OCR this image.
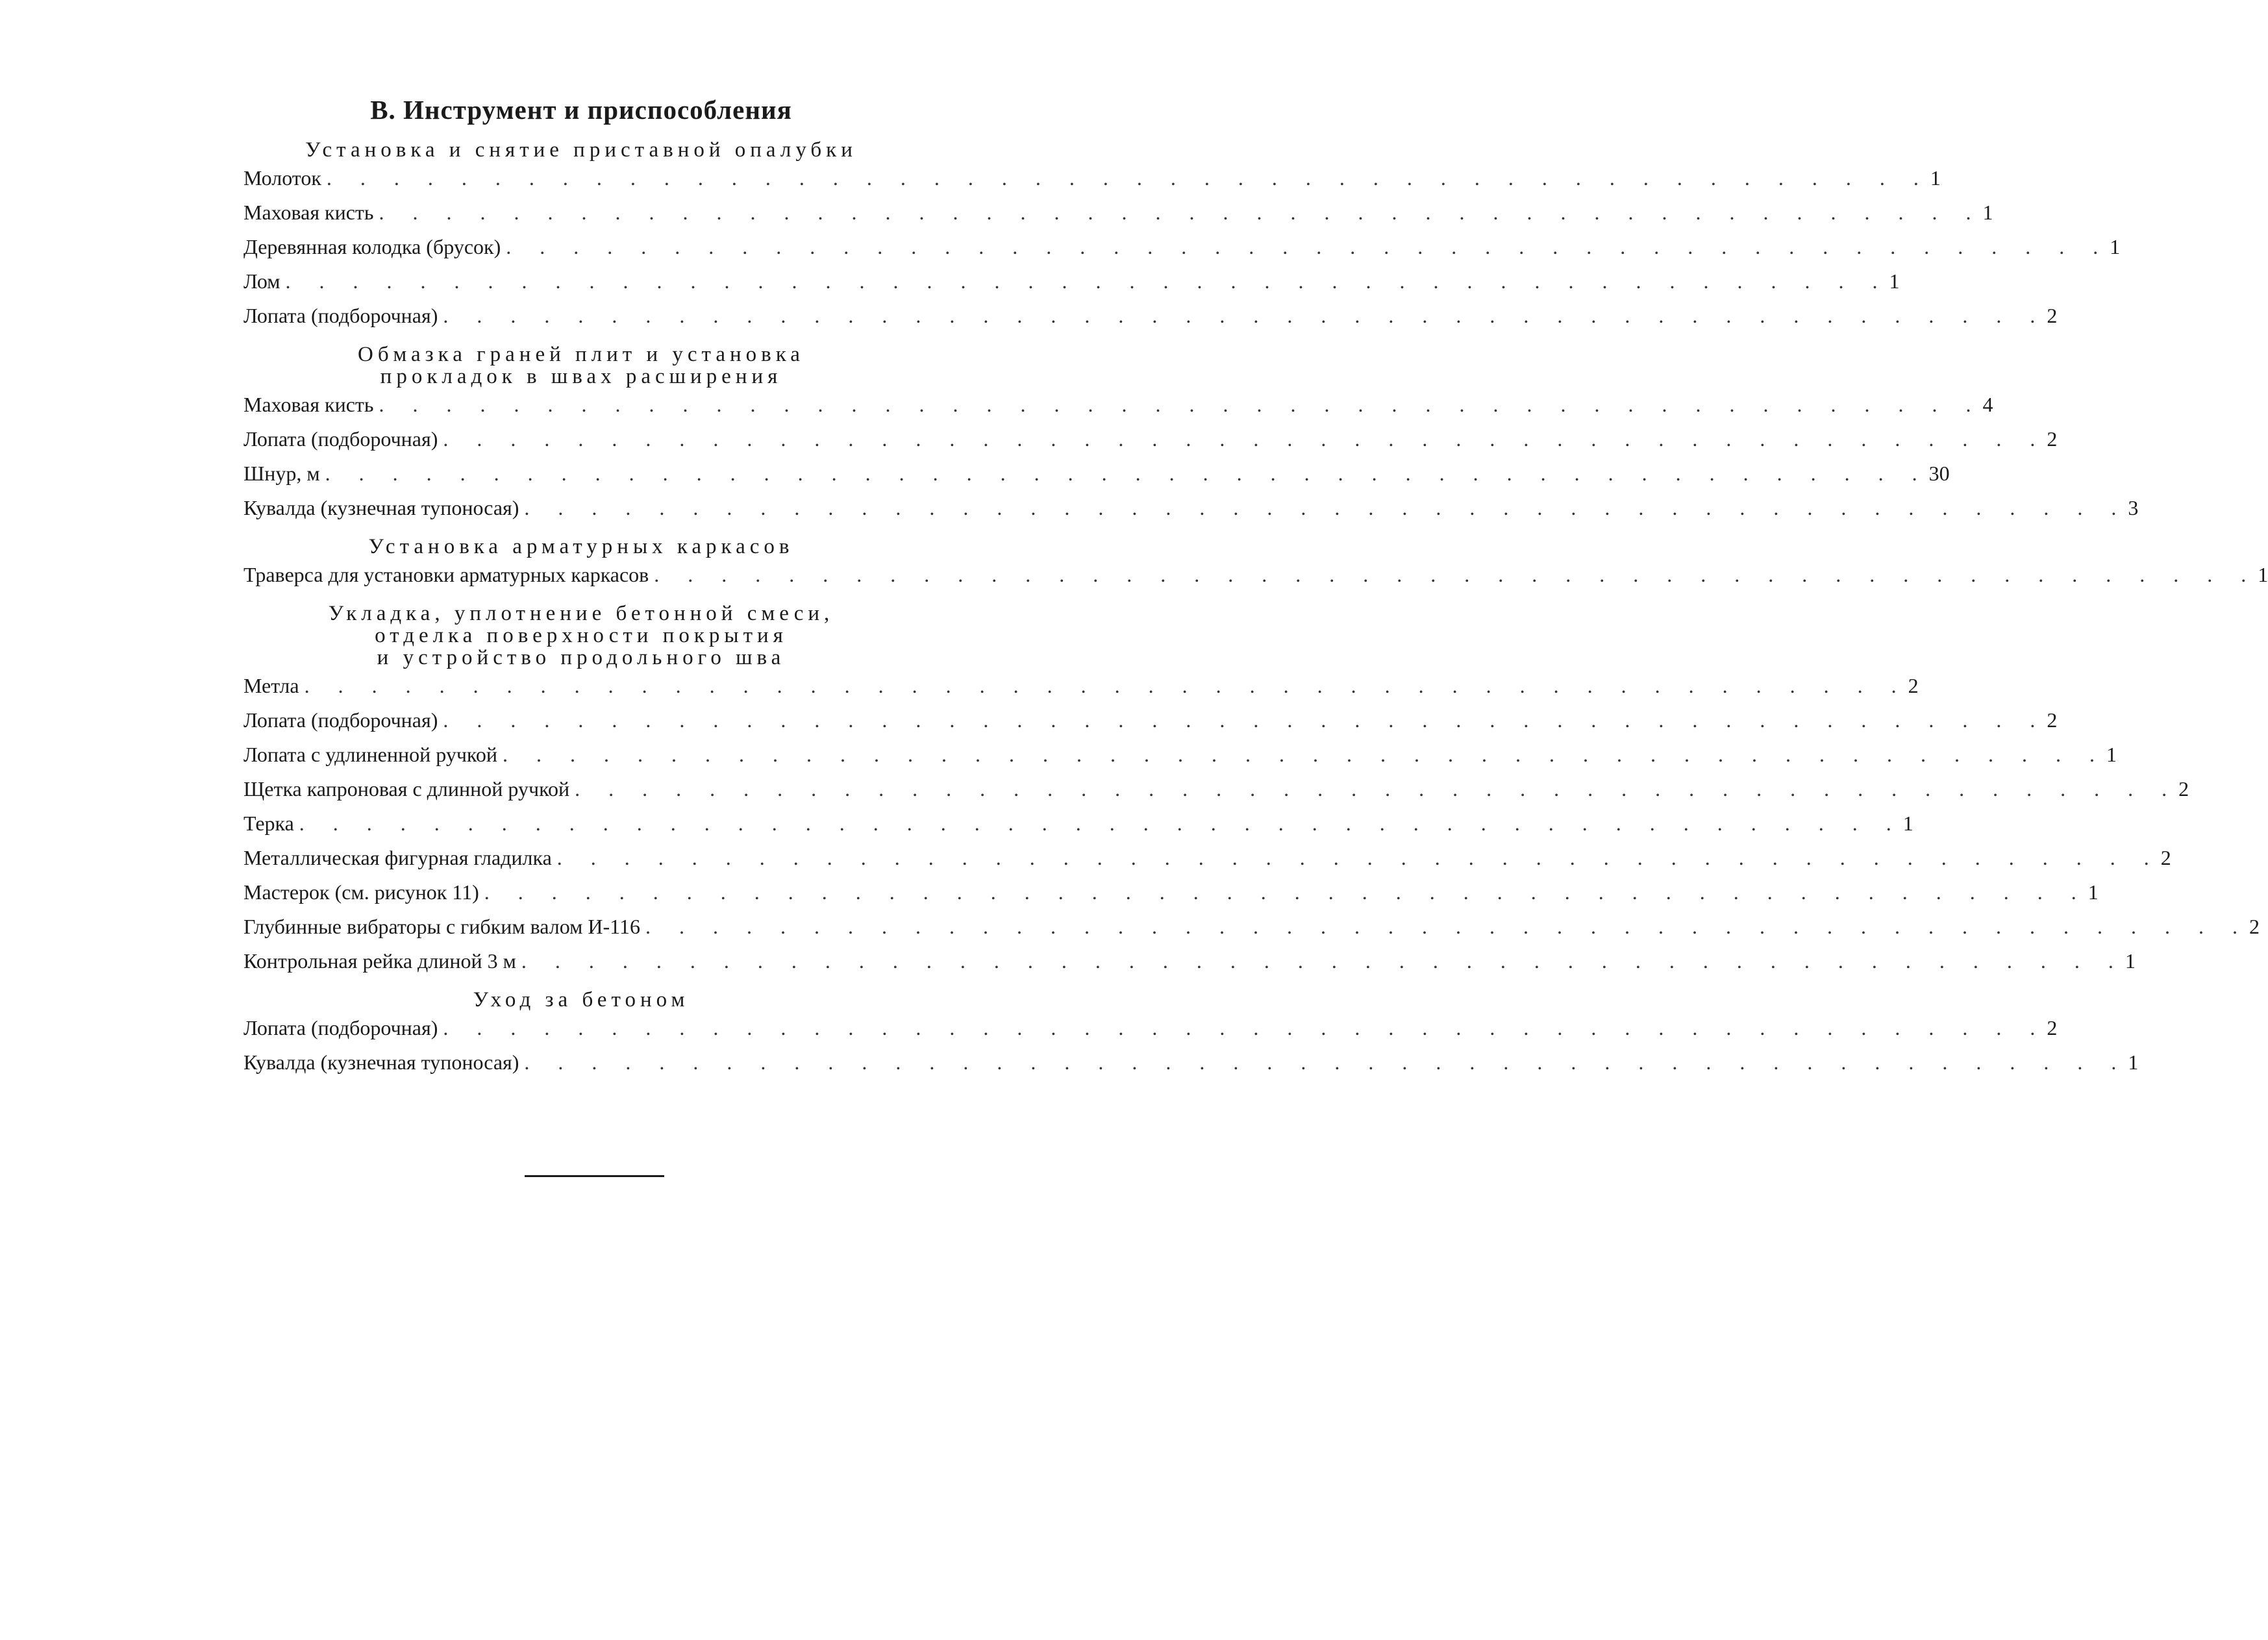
В. Инструмент и приспособления
Установка и снятие приставной опалубки
Молоток . . . . . . . . . . . . . . . . . . . . . . . . . . . . . . . . . . . . . . . . . . . . . . . . 1
Маховая кисть . . . . . . . . . . . . . . . . . . . . . . . . . . . . . . . . . . . . . . . . . . . . . . . . 1
Деревянная колодка (брусок) . . . . . . . . . . . . . . . . . . . . . . . . . . . . . . . . . . . . . . . . . . . . . . . . 1
Лом . . . . . . . . . . . . . . . . . . . . . . . . . . . . . . . . . . . . . . . . . . . . . . . . 1
Лопата (подборочная) . . . . . . . . . . . . . . . . . . . . . . . . . . . . . . . . . . . . . . . . . . . . . . . . 2
Обмазка граней плит и установка
прокладок в швах расширения
Маховая кисть . . . . . . . . . . . . . . . . . . . . . . . . . . . . . . . . . . . . . . . . . . . . . . . . 4
Лопата (подборочная) . . . . . . . . . . . . . . . . . . . . . . . . . . . . . . . . . . . . . . . . . . . . . . . . 2
Шнур, м . . . . . . . . . . . . . . . . . . . . . . . . . . . . . . . . . . . . . . . . . . . . . . . . 30
Кувалда (кузнечная тупоносая) . . . . . . . . . . . . . . . . . . . . . . . . . . . . . . . . . . . . . . . . . . . . . . . . 3
Установка арматурных каркасов
Траверса для установки арматурных каркасов . . . . . . . . . . . . . . . . . . . . . . . . . . . . . . . . . . . . . . . . . . . . . . . . 1
Укладка, уплотнение бетонной смеси,
отделка поверхности покрытия
и устройство продольного шва
Метла . . . . . . . . . . . . . . . . . . . . . . . . . . . . . . . . . . . . . . . . . . . . . . . . 2
Лопата (подборочная) . . . . . . . . . . . . . . . . . . . . . . . . . . . . . . . . . . . . . . . . . . . . . . . . 2
Лопата с удлиненной ручкой . . . . . . . . . . . . . . . . . . . . . . . . . . . . . . . . . . . . . . . . . . . . . . . . 1
Щетка капроновая с длинной ручкой . . . . . . . . . . . . . . . . . . . . . . . . . . . . . . . . . . . . . . . . . . . . . . . . 2
Терка . . . . . . . . . . . . . . . . . . . . . . . . . . . . . . . . . . . . . . . . . . . . . . . . 1
Металлическая фигурная гладилка . . . . . . . . . . . . . . . . . . . . . . . . . . . . . . . . . . . . . . . . . . . . . . . . 2
Мастерок (см. рисунок 11) . . . . . . . . . . . . . . . . . . . . . . . . . . . . . . . . . . . . . . . . . . . . . . . . 1
Глубинные вибраторы с гибким валом И-116 . . . . . . . . . . . . . . . . . . . . . . . . . . . . . . . . . . . . . . . . . . . . . . . . 2
Контрольная рейка длиной 3 м . . . . . . . . . . . . . . . . . . . . . . . . . . . . . . . . . . . . . . . . . . . . . . . . 1
Уход за бетоном
Лопата (подборочная) . . . . . . . . . . . . . . . . . . . . . . . . . . . . . . . . . . . . . . . . . . . . . . . . 2
Кувалда (кузнечная тупоносая) . . . . . . . . . . . . . . . . . . . . . . . . . . . . . . . . . . . . . . . . . . . . . . . . 1
